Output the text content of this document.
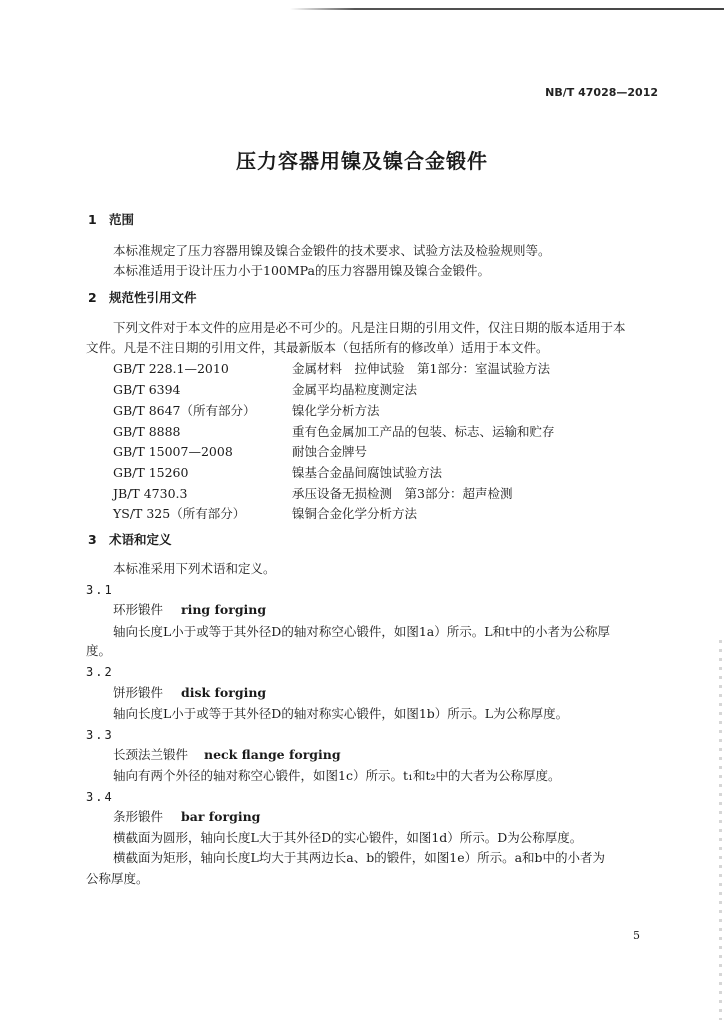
NB/T 47028—2012
压力容器用镍及镍合金锻件
1 范围
本标准规定了压力容器用镍及镍合金锻件的技术要求、试验方法及检验规则等。
本标准适用于设计压力小于100MPa的压力容器用镍及镍合金锻件。
2 规范性引用文件
下列文件对于本文件的应用是必不可少的。凡是注日期的引用文件，仅注日期的版本适用于本
文件。凡是不注日期的引用文件，其最新版本（包括所有的修改单）适用于本文件。
GB/T 228.1—2010	金属材料　拉伸试验　第1部分：室温试验方法
GB/T 6394	金属平均晶粒度测定法
GB/T 8647（所有部分）	镍化学分析方法
GB/T 8888	重有色金属加工产品的包装、标志、运输和贮存
GB/T 15007—2008	耐蚀合金牌号
GB/T 15260	镍基合金晶间腐蚀试验方法
JB/T 4730.3	承压设备无损检测　第3部分：超声检测
YS/T 325（所有部分）	镍铜合金化学分析方法
3 术语和定义
本标准采用下列术语和定义。
3.1
环形锻件 ring forging
轴向长度L小于或等于其外径D的轴对称空心锻件，如图1a）所示。L和t中的小者为公称厚
度。
3.2
饼形锻件 disk forging
轴向长度L小于或等于其外径D的轴对称实心锻件，如图1b）所示。L为公称厚度。
3.3
长颈法兰锻件 neck flange forging
轴向有两个外径的轴对称空心锻件，如图1c）所示。t₁和t₂中的大者为公称厚度。
3.4
条形锻件 bar forging
横截面为圆形，轴向长度L大于其外径D的实心锻件，如图1d）所示。D为公称厚度。
横截面为矩形，轴向长度L均大于其两边长a、b的锻件，如图1e）所示。a和b中的小者为
公称厚度。
5
